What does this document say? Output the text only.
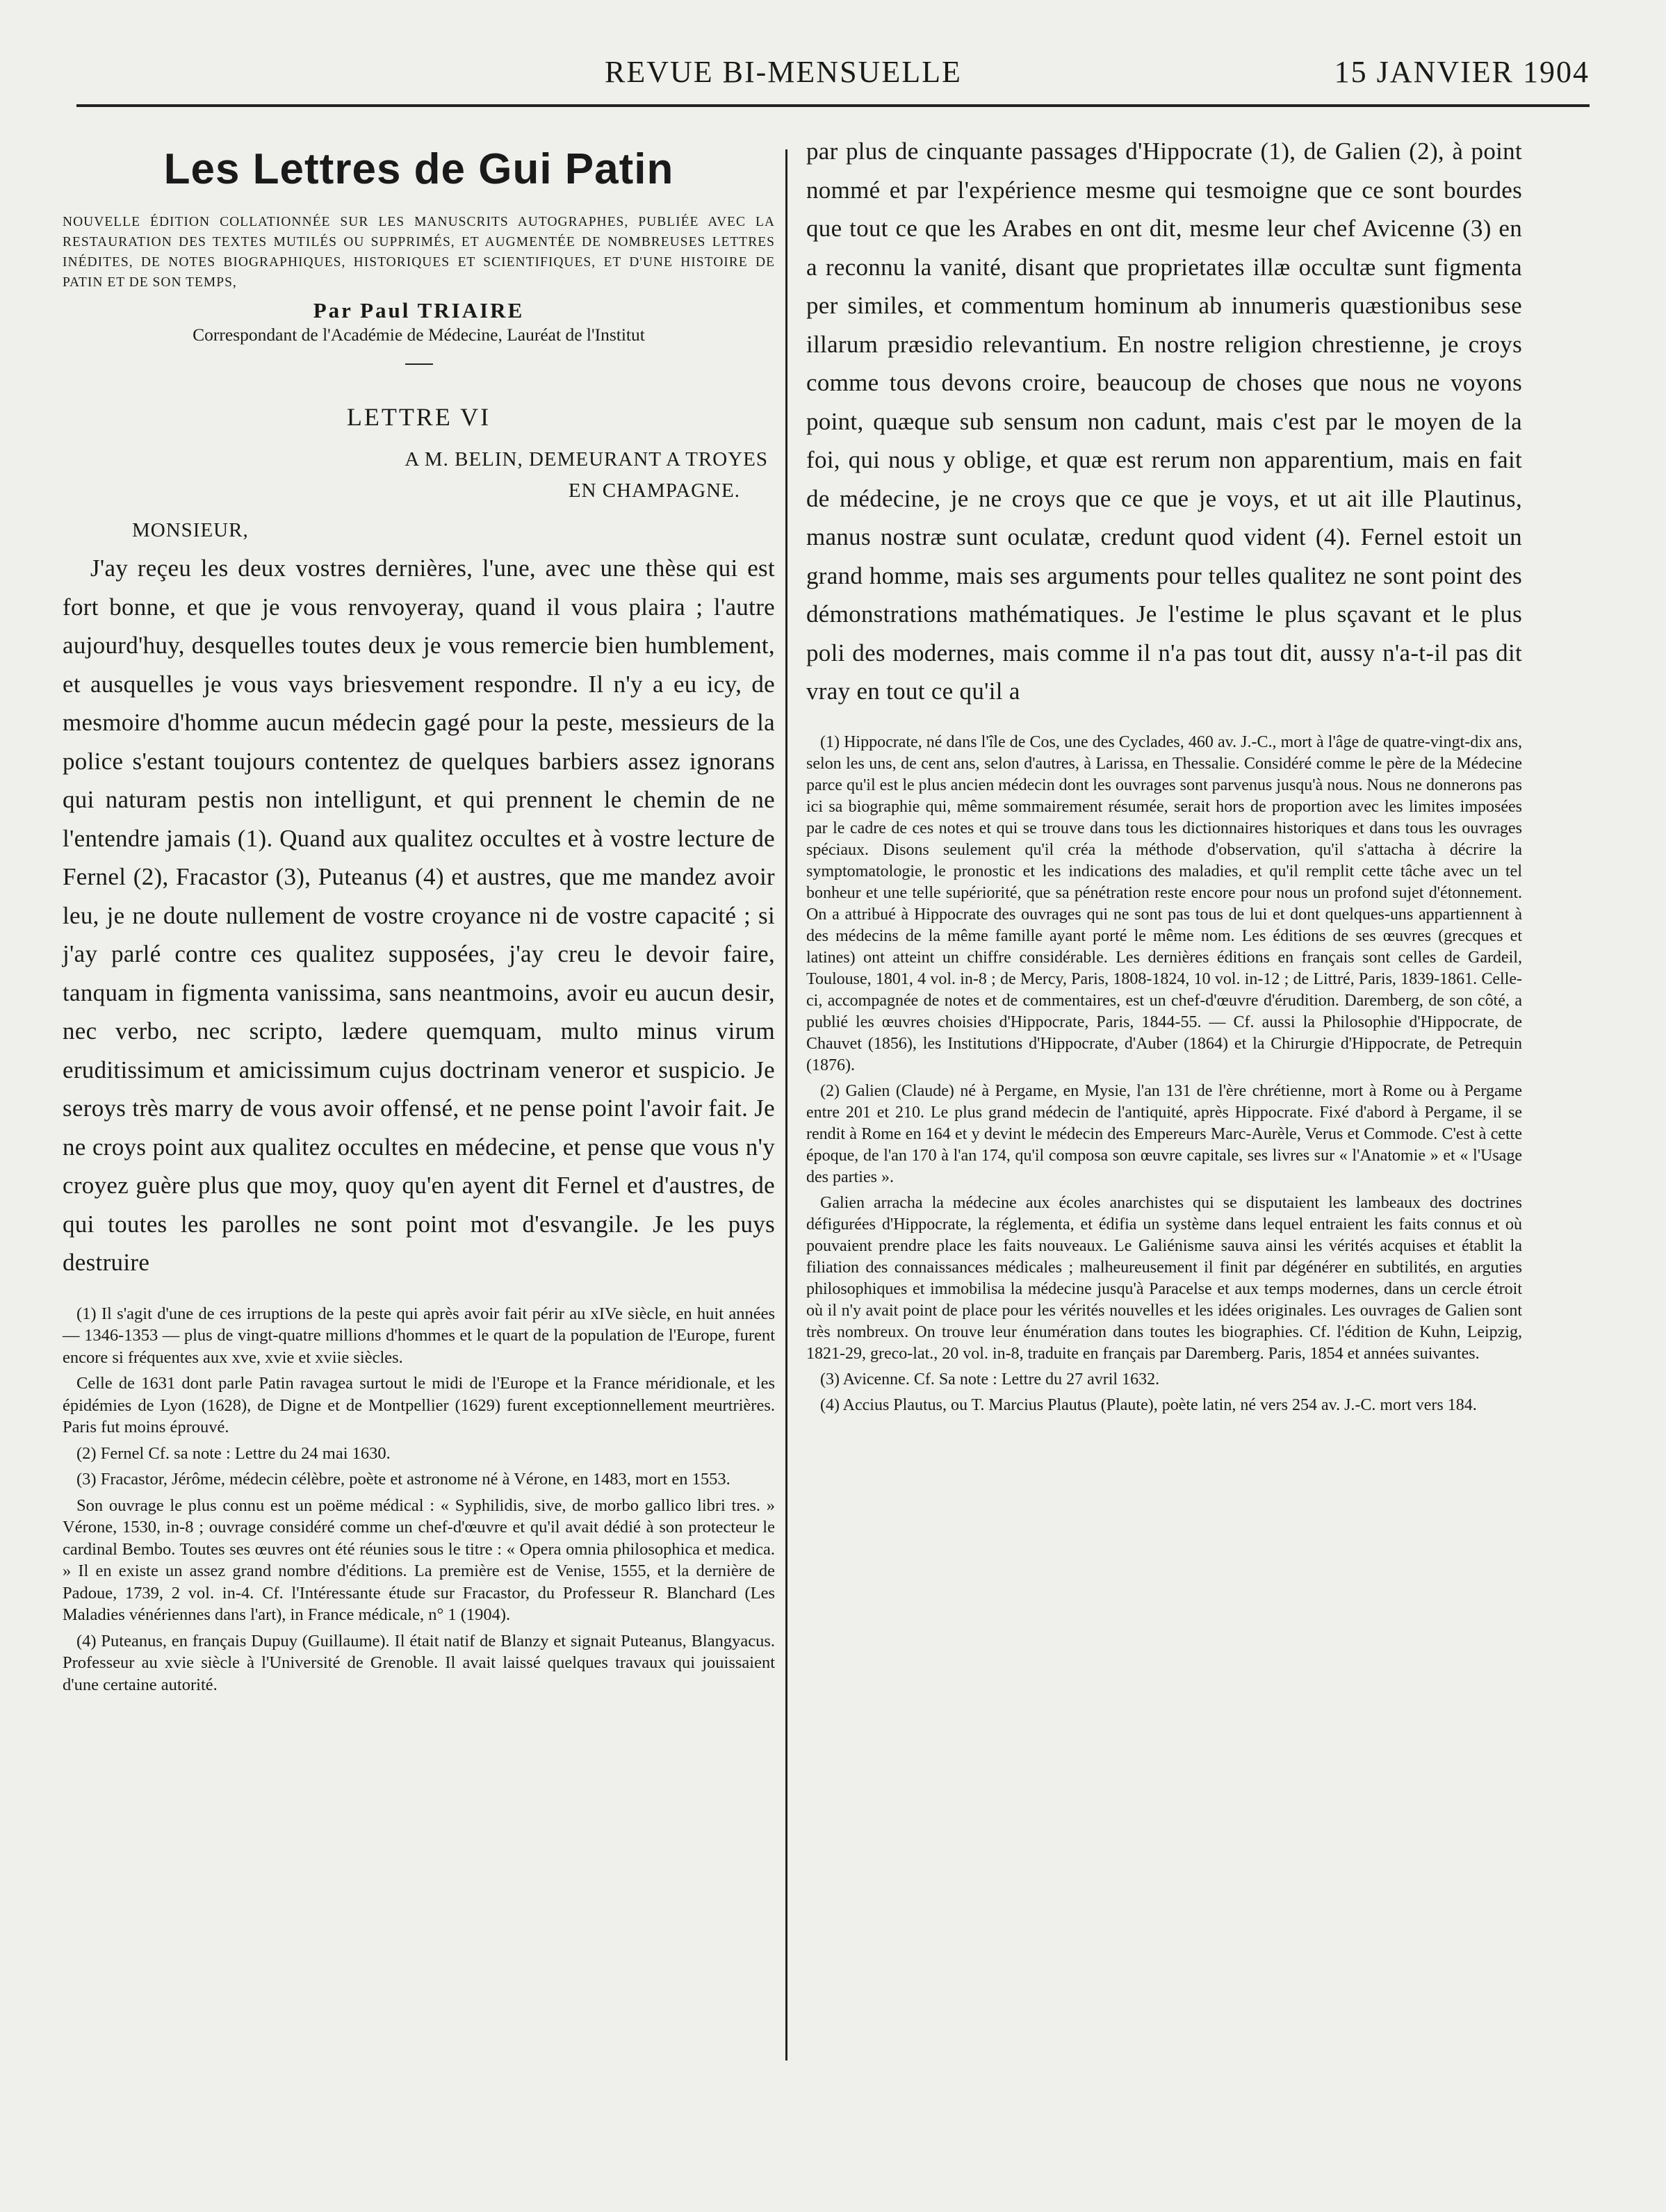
REVUE BI-MENSUELLE	15 JANVIER 1904
Les Lettres de Gui Patin

NOUVELLE ÉDITION COLLATIONNÉE SUR LES MANUSCRITS AUTOGRAPHES, PUBLIÉE AVEC LA RESTAURATION DES TEXTES MUTILÉS OU SUPPRIMÉS, ET AUGMENTÉE DE NOMBREUSES LETTRES INÉDITES, DE NOTES BIOGRAPHIQUES, HISTORIQUES ET SCIENTIFIQUES, ET D'UNE HISTOIRE DE PATIN ET DE SON TEMPS,

Par Paul TRIAIRE

Correspondant de l'Académie de Médecine, Lauréat de l'Institut

LETTRE VI
A M. BELIN, DEMEURANT A TROYES
EN CHAMPAGNE.
MONSIEUR,

J'ay reçeu les deux vostres dernières, l'une, avec une thèse qui est fort bonne, et que je vous renvoyeray, quand il vous plaira ; l'autre aujourd'huy, desquelles toutes deux je vous remercie bien humblement, et ausquelles je vous vays briesvement respondre. Il n'y a eu icy, de mesmoire d'homme aucun médecin gagé pour la peste, messieurs de la police s'estant toujours contentez de quelques barbiers assez ignorans qui naturam pestis non intelligunt, et qui prennent le chemin de ne l'entendre jamais (1). Quand aux qualitez occultes et à vostre lecture de Fernel (2), Fracastor (3), Puteanus (4) et austres, que me mandez avoir leu, je ne doute nullement de vostre croyance ni de vostre capacité ; si j'ay parlé contre ces qualitez supposées, j'ay creu le devoir faire, tanquam in figmenta vanissima, sans neantmoins, avoir eu aucun desir, nec verbo, nec scripto, lædere quemquam, multo minus virum eruditissimum et amicissimum cujus doctrinam veneror et suspicio. Je seroys très marry de vous avoir offensé, et ne pense point l'avoir fait. Je ne croys point aux qualitez occultes en médecine, et pense que vous n'y croyez guère plus que moy, quoy qu'en ayent dit Fernel et d'austres, de qui toutes les parolles ne sont point mot d'esvangile. Je les puys destruire

(1) Il s'agit d'une de ces irruptions de la peste qui après avoir fait périr au xIVe siècle, en huit années — 1346-1353 — plus de vingt-quatre millions d'hommes et le quart de la population de l'Europe, furent encore si fréquentes aux xve, xvie et xviie siècles.

Celle de 1631 dont parle Patin ravagea surtout le midi de l'Europe et la France méridionale, et les épidémies de Lyon (1628), de Digne et de Montpellier (1629) furent exceptionnellement meurtrières. Paris fut moins éprouvé.

(2) Fernel Cf. sa note : Lettre du 24 mai 1630.

(3) Fracastor, Jérôme, médecin célèbre, poète et astronome né à Vérone, en 1483, mort en 1553.

Son ouvrage le plus connu est un poëme médical : « Syphilidis, sive, de morbo gallico libri tres. » Vérone, 1530, in-8 ; ouvrage considéré comme un chef-d'œuvre et qu'il avait dédié à son protecteur le cardinal Bembo. Toutes ses œuvres ont été réunies sous le titre : « Opera omnia philosophica et medica. » Il en existe un assez grand nombre d'éditions. La première est de Venise, 1555, et la dernière de Padoue, 1739, 2 vol. in-4. Cf. l'Intéressante étude sur Fracastor, du Professeur R. Blanchard (Les Maladies vénériennes dans l'art), in France médicale, n° 1 (1904).

(4) Puteanus, en français Dupuy (Guillaume). Il était natif de Blanzy et signait Puteanus, Blangyacus. Professeur au xvie siècle à l'Université de Grenoble. Il avait laissé quelques travaux qui jouissaient d'une certaine autorité.

par plus de cinquante passages d'Hippocrate (1), de Galien (2), à point nommé et par l'expérience mesme qui tesmoigne que ce sont bourdes que tout ce que les Arabes en ont dit, mesme leur chef Avicenne (3) en a reconnu la vanité, disant que proprietates illæ occultæ sunt figmenta per similes, et commentum hominum ab innumeris quæstionibus sese illarum præsidio relevantium. En nostre religion chrestienne, je croys comme tous devons croire, beaucoup de choses que nous ne voyons point, quæque sub sensum non cadunt, mais c'est par le moyen de la foi, qui nous y oblige, et quæ est rerum non apparentium, mais en fait de médecine, je ne croys que ce que je voys, et ut ait ille Plautinus, manus nostræ sunt oculatæ, credunt quod vident (4). Fernel estoit un grand homme, mais ses arguments pour telles qualitez ne sont point des démonstrations mathématiques. Je l'estime le plus sçavant et le plus poli des modernes, mais comme il n'a pas tout dit, aussy n'a-t-il pas dit vray en tout ce qu'il a

(1) Hippocrate, né dans l'île de Cos, une des Cyclades, 460 av. J.-C., mort à l'âge de quatre-vingt-dix ans, selon les uns, de cent ans, selon d'autres, à Larissa, en Thessalie. Considéré comme le père de la Médecine parce qu'il est le plus ancien médecin dont les ouvrages sont parvenus jusqu'à nous. Nous ne donnerons pas ici sa biographie qui, même sommairement résumée, serait hors de proportion avec les limites imposées par le cadre de ces notes et qui se trouve dans tous les dictionnaires historiques et dans tous les ouvrages spéciaux. Disons seulement qu'il créa la méthode d'observation, qu'il s'attacha à décrire la symptomatologie, le pronostic et les indications des maladies, et qu'il remplit cette tâche avec un tel bonheur et une telle supériorité, que sa pénétration reste encore pour nous un profond sujet d'étonnement. On a attribué à Hippocrate des ouvrages qui ne sont pas tous de lui et dont quelques-uns appartiennent à des médecins de la même famille ayant porté le même nom. Les éditions de ses œuvres (grecques et latines) ont atteint un chiffre considérable. Les dernières éditions en français sont celles de Gardeil, Toulouse, 1801, 4 vol. in-8 ; de Mercy, Paris, 1808-1824, 10 vol. in-12 ; de Littré, Paris, 1839-1861. Celle-ci, accompagnée de notes et de commentaires, est un chef-d'œuvre d'érudition. Daremberg, de son côté, a publié les œuvres choisies d'Hippocrate, Paris, 1844-55. — Cf. aussi la Philosophie d'Hippocrate, de Chauvet (1856), les Institutions d'Hippocrate, d'Auber (1864) et la Chirurgie d'Hippocrate, de Petrequin (1876).

(2) Galien (Claude) né à Pergame, en Mysie, l'an 131 de l'ère chrétienne, mort à Rome ou à Pergame entre 201 et 210. Le plus grand médecin de l'antiquité, après Hippocrate. Fixé d'abord à Pergame, il se rendit à Rome en 164 et y devint le médecin des Empereurs Marc-Aurèle, Verus et Commode. C'est à cette époque, de l'an 170 à l'an 174, qu'il composa son œuvre capitale, ses livres sur « l'Anatomie » et « l'Usage des parties ».

Galien arracha la médecine aux écoles anarchistes qui se disputaient les lambeaux des doctrines défigurées d'Hippocrate, la réglementa, et édifia un système dans lequel entraient les faits connus et où pouvaient prendre place les faits nouveaux. Le Galiénisme sauva ainsi les vérités acquises et établit la filiation des connaissances médicales ; malheureusement il finit par dégénérer en subtilités, en arguties philosophiques et immobilisa la médecine jusqu'à Paracelse et aux temps modernes, dans un cercle étroit où il n'y avait point de place pour les vérités nouvelles et les idées originales. Les ouvrages de Galien sont très nombreux. On trouve leur énumération dans toutes les biographies. Cf. l'édition de Kuhn, Leipzig, 1821-29, greco-lat., 20 vol. in-8, traduite en français par Daremberg. Paris, 1854 et années suivantes.

(3) Avicenne. Cf. Sa note : Lettre du 27 avril 1632.

(4) Accius Plautus, ou T. Marcius Plautus (Plaute), poète latin, né vers 254 av. J.-C. mort vers 184.
